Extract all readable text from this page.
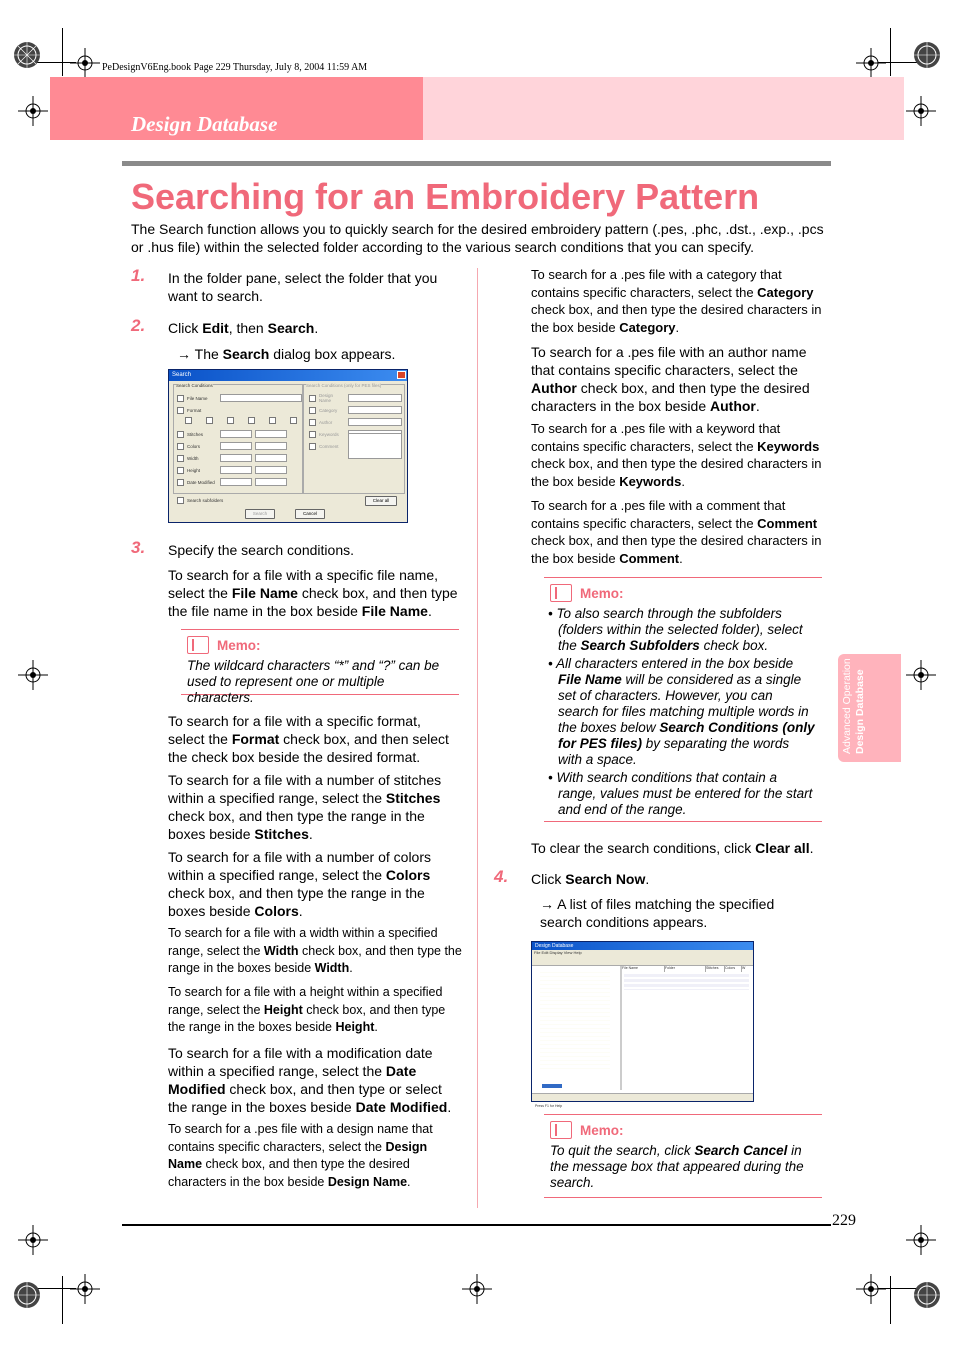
PeDesignV6Eng.book Page 229 Thursday, July 8, 2004 11:59 AM
Design Database
Searching for an Embroidery Pattern
The Search function allows you to quickly search for the desired embroidery pattern (.pes, .phc, .dst., .exp., .pcs or .hus file) within the selected folder according to the various search conditions that you can specify.
1. In the folder pane, select the folder that you want to search.
2. Click Edit, then Search.
→ The Search dialog box appears.
Search
Search Conditions	Search Conditions (only for PES files)
File Name
Format
Stitches
Colors
Width
Height
Date Modified
Design Name
Category
Author
Keywords
Comment
Search subfolders	Clear all
Search	Cancel
3. Specify the search conditions.
To search for a file with a specific file name, select the File Name check box, and then type the file name in the box beside File Name.
Memo:
The wildcard characters “*” and “?” can be used to represent one or multiple characters.
To search for a file with a specific format, select the Format check box, and then select the check box beside the desired format.
To search for a file with a number of stitches within a specified range, select the Stitches check box, and then type the range in the boxes beside Stitches.
To search for a file with a number of colors within a specified range, select the Colors check box, and then type the range in the boxes beside Colors.
To search for a file with a width within a specified range, select the Width check box, and then type the range in the boxes beside Width.
To search for a file with a height within a specified range, select the Height check box, and then type the range in the boxes beside Height.
To search for a file with a modification date within a specified range, select the Date Modified check box, and then type or select the range in the boxes beside Date Modified.
To search for a .pes file with a design name that contains specific characters, select the Design Name check box, and then type the desired characters in the box beside Design Name.
To search for a .pes file with a category that contains specific characters, select the Category check box, and then type the desired characters in the box beside Category.
To search for a .pes file with an author name that contains specific characters, select the Author check box, and then type the desired characters in the box beside Author.
To search for a .pes file with a keyword that contains specific characters, select the Keywords check box, and then type the desired characters in the box beside Keywords.
To search for a .pes file with a comment that contains specific characters, select the Comment check box, and then type the desired characters in the box beside Comment.
Memo:
• To also search through the subfolders (folders within the selected folder), select the Search Subfolders check box.
• All characters entered in the box beside File Name will be considered as a single set of characters. However, you can search for files matching multiple words in the boxes below Search Conditions (only for PES files) by separating the words with a space.
• With search conditions that contain a range, values must be entered for the start and end of the range.
To clear the search conditions, click Clear all.
4. Click Search Now.
→ A list of files matching the specified search conditions appears.
Design Database
File Edit Display View Help
File Name	Folder	Stitches	Colors	W
Press F1 for Help
Memo:
To quit the search, click Search Cancel in the message box that appeared during the search.
Advanced Operation Design Database
229
